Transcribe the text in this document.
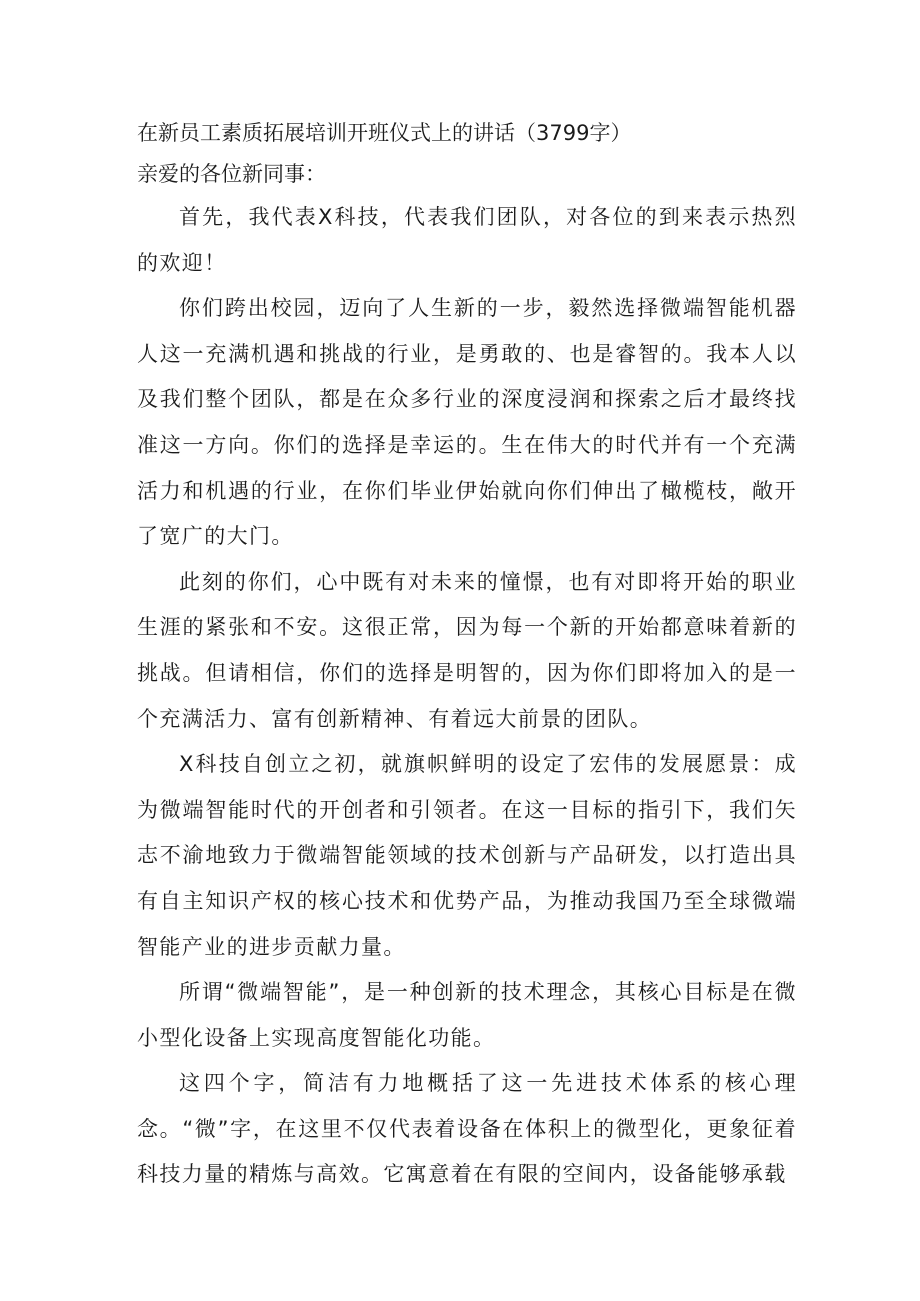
在新员工素质拓展培训开班仪式上的讲话（3799字）

亲爱的各位新同事：

首先，我代表X科技，代表我们团队，对各位的到来表示热烈的欢迎！

你们跨出校园，迈向了人生新的一步，毅然选择微端智能机器人这一充满机遇和挑战的行业，是勇敢的、也是睿智的。我本人以及我们整个团队，都是在众多行业的深度浸润和探索之后才最终找准这一方向。你们的选择是幸运的。生在伟大的时代并有一个充满活力和机遇的行业，在你们毕业伊始就向你们伸出了橄榄枝，敞开了宽广的大门。

此刻的你们，心中既有对未来的憧憬，也有对即将开始的职业生涯的紧张和不安。这很正常，因为每一个新的开始都意味着新的挑战。但请相信，你们的选择是明智的，因为你们即将加入的是一个充满活力、富有创新精神、有着远大前景的团队。

X科技自创立之初，就旗帜鲜明的设定了宏伟的发展愿景：成为微端智能时代的开创者和引领者。在这一目标的指引下，我们矢志不渝地致力于微端智能领域的技术创新与产品研发，以打造出具有自主知识产权的核心技术和优势产品，为推动我国乃至全球微端智能产业的进步贡献力量。

所谓“微端智能”，是一种创新的技术理念，其核心目标是在微小型化设备上实现高度智能化功能。

这四个字，简洁有力地概括了这一先进技术体系的核心理念。“微”字，在这里不仅代表着设备在体积上的微型化，更象征着科技力量的精炼与高效。它寓意着在有限的空间内，设备能够承载
